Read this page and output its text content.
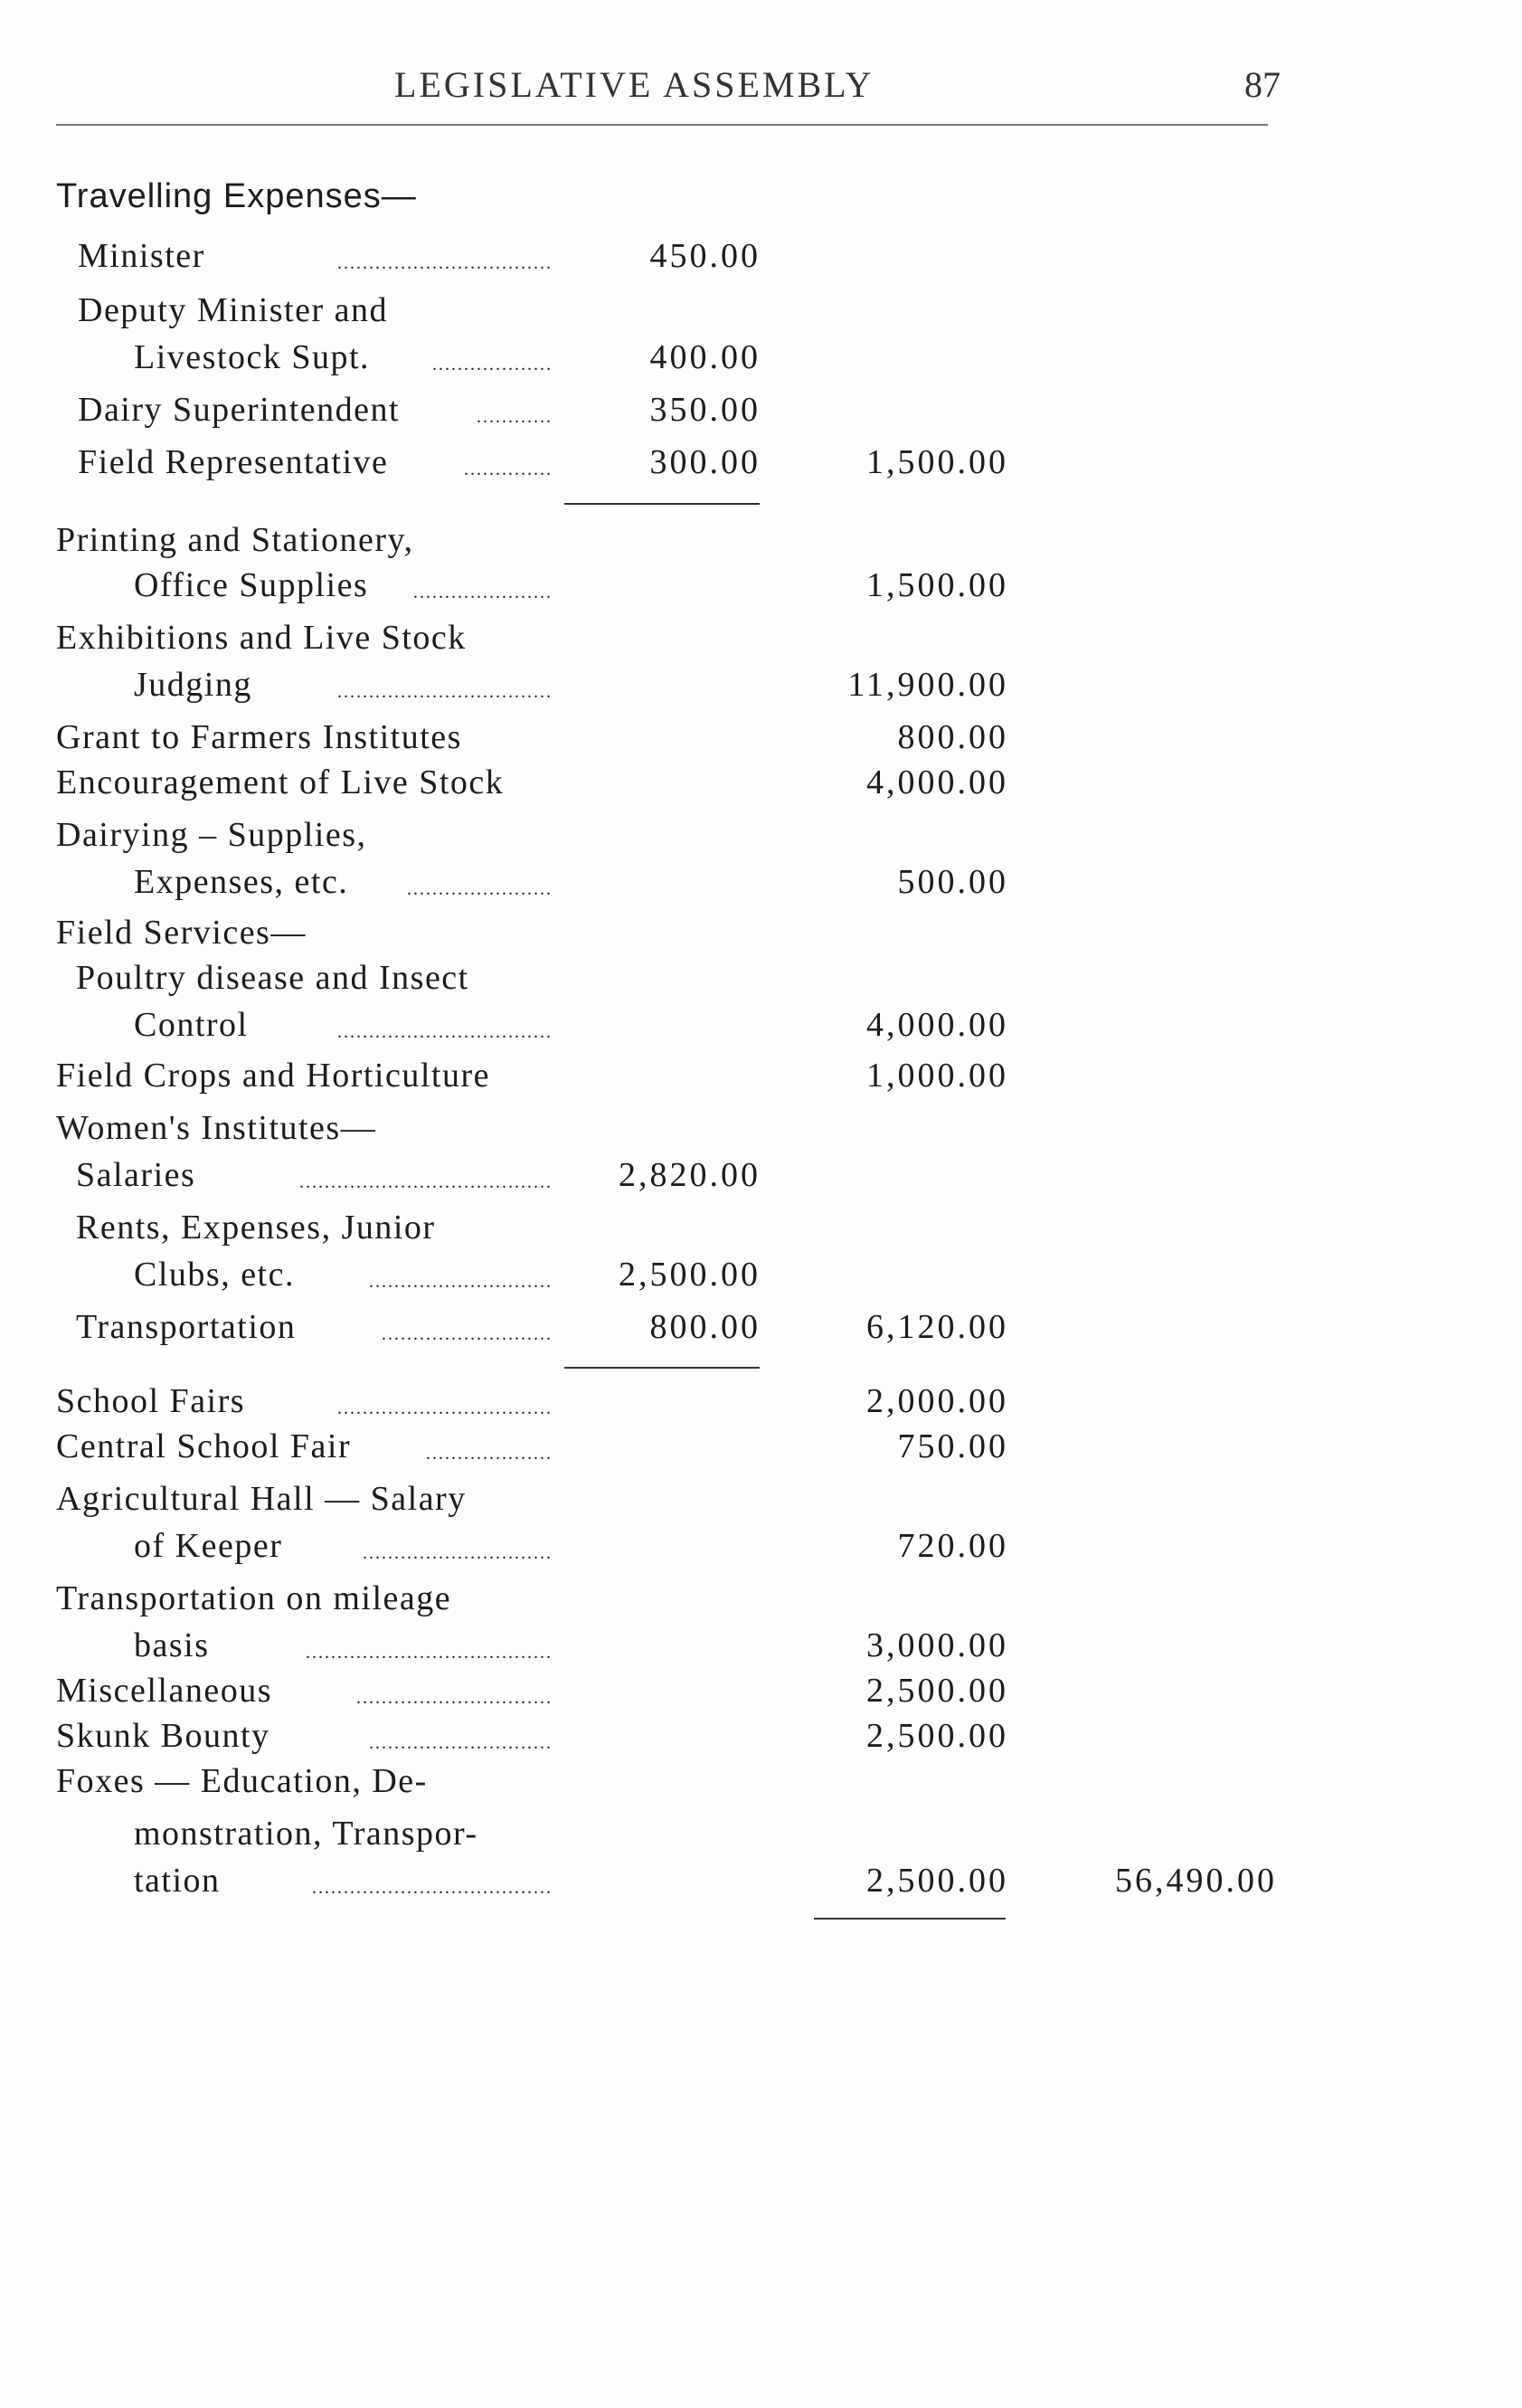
LEGISLATIVE ASSEMBLY	87
Travelling Expenses—
Minister	..................................	450.00
Deputy Minister and
Livestock Supt.	...................	400.00
Dairy Superintendent	............	350.00
Field Representative	..............	300.00	1,500.00
Printing and Stationery,
Office Supplies	......................	1,500.00
Exhibitions and Live Stock
Judging	..................................	11,900.00
Grant to Farmers Institutes	800.00
Encouragement of Live Stock	4,000.00
Dairying – Supplies,
Expenses, etc.	.......................	500.00
Field Services—
Poultry disease and Insect
Control	..................................	4,000.00
Field Crops and Horticulture	1,000.00
Women's Institutes—
Salaries	........................................ 2,820.00
Rents, Expenses, Junior
Clubs, etc.	............................. 2,500.00
Transportation	...........................	800.00	6,120.00
School Fairs	..................................	2,000.00
Central School Fair	....................	750.00
Agricultural Hall — Salary
of Keeper	..............................	720.00
Transportation on mileage
basis	.......................................	3,000.00
Miscellaneous	...............................	2,500.00
Skunk Bounty	.............................	2,500.00
Foxes — Education, De-
monstration, Transpor-
tation	......................................	2,500.00	56,490.00
